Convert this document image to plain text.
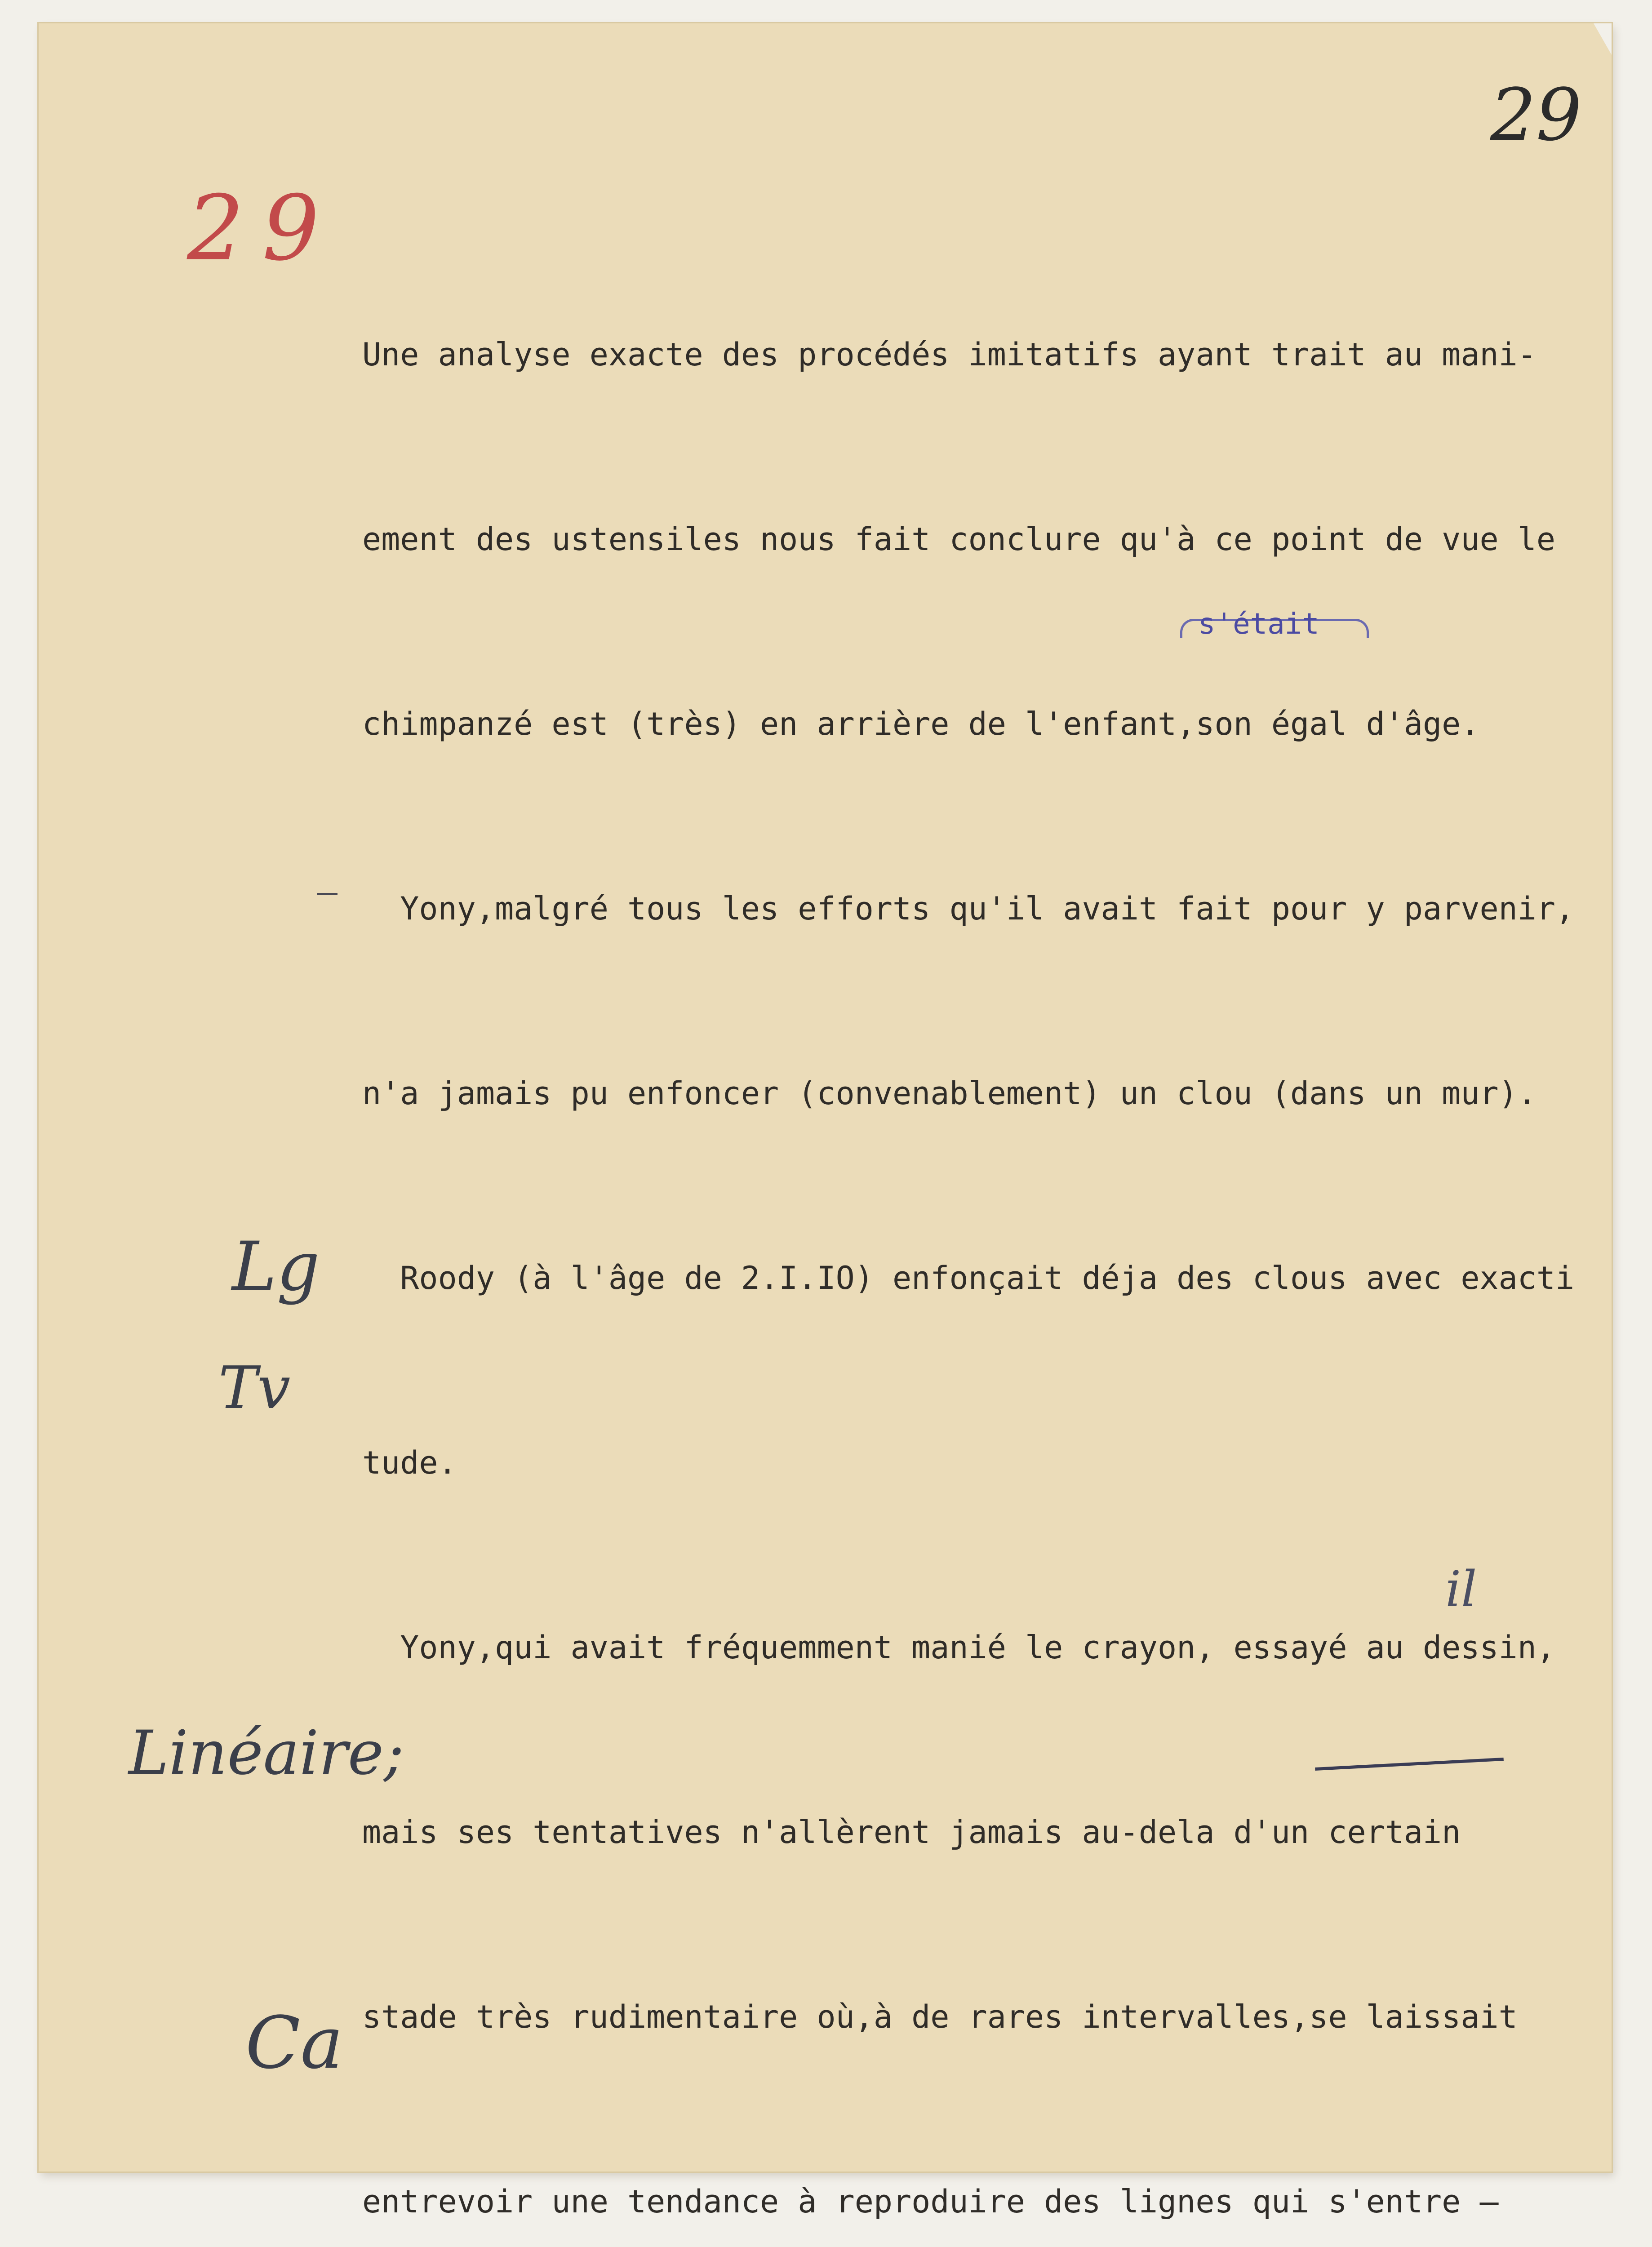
29
29
Lg
Tv
Linéaire;
Ca
s'était
il

Une analyse exacte des procédés imitatifs ayant trait au mani-

ement des ustensiles nous fait conclure qu'à ce point de vue le

chimpanzé est (très) en arrière de l'enfant,son égal d'âge.

Yony,malgré tous les efforts qu'il avait fait pour y parvenir,

n'a jamais pu enfoncer (convenablement) un clou (dans un mur).

Roody (à l'âge de 2.I.IO) enfonçait déja des clous avec exacti

tude.

Yony,qui avait fréquemment manié le crayon, essayé au dessin,

mais ses tentatives n'allèrent jamais au-dela d'un certain

stade très rudimentaire où,à de rares intervalles,se laissait

entrevoir une tendance à reproduire des lignes qui s'entre –
